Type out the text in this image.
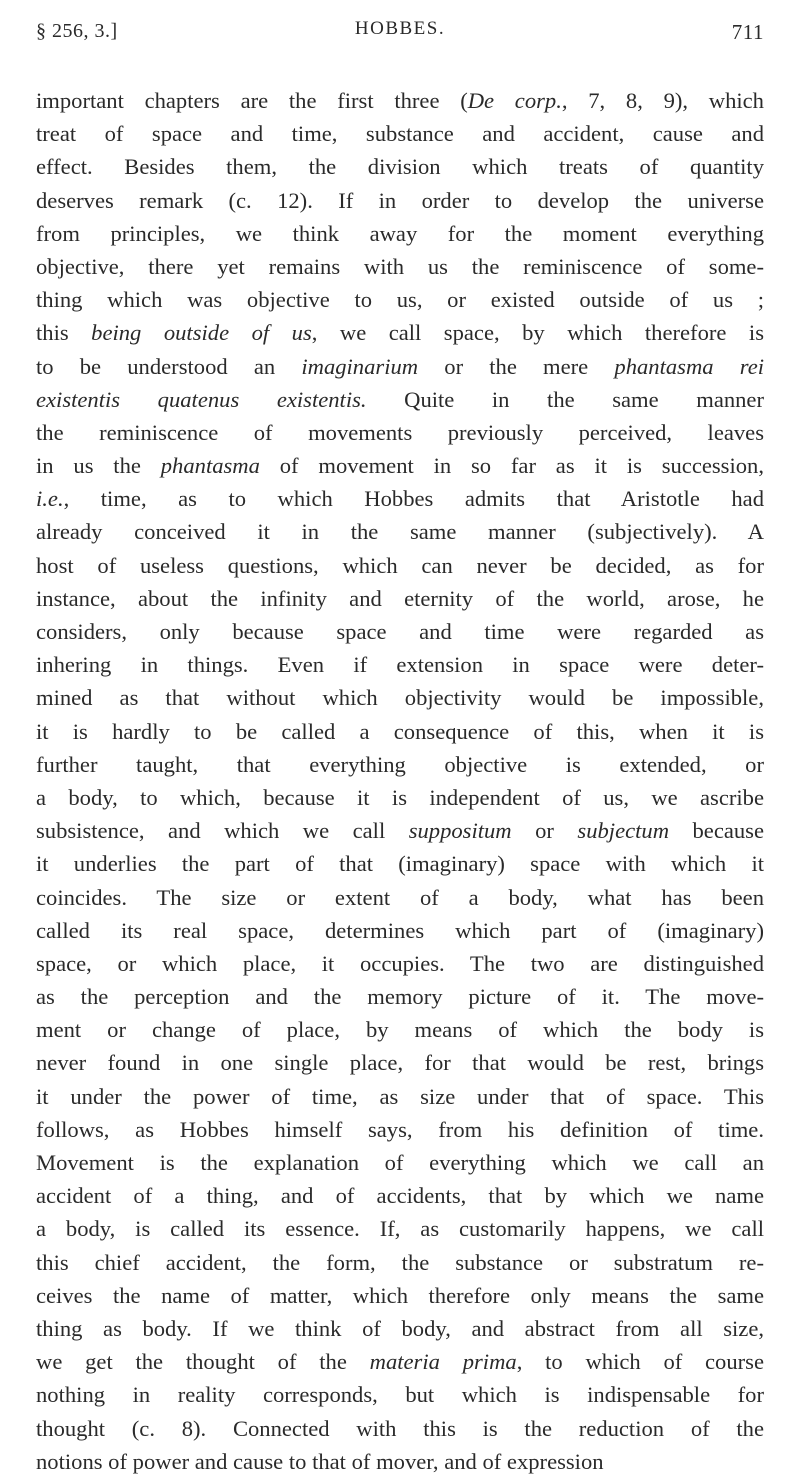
§ 256, 3.]	HOBBES.	711
important chapters are the first three (De corp., 7, 8, 9), which
treat of space and time, substance and accident, cause and
effect. Besides them, the division which treats of quantity
deserves remark (c. 12). If in order to develop the universe
from principles, we think away for the moment everything
objective, there yet remains with us the reminiscence of some-
thing which was objective to us, or existed outside of us ;
this being outside of us, we call space, by which therefore is
to be understood an imaginarium or the mere phantasma rei
existentis quatenus existentis. Quite in the same manner
the reminiscence of movements previously perceived, leaves
in us the phantasma of movement in so far as it is succession,
i.e., time, as to which Hobbes admits that Aristotle had
already conceived it in the same manner (subjectively). A
host of useless questions, which can never be decided, as for
instance, about the infinity and eternity of the world, arose, he
considers, only because space and time were regarded as
inhering in things. Even if extension in space were deter-
mined as that without which objectivity would be impossible,
it is hardly to be called a consequence of this, when it is
further taught, that everything objective is extended, or
a body, to which, because it is independent of us, we ascribe
subsistence, and which we call suppositum or subjectum because
it underlies the part of that (imaginary) space with which it
coincides. The size or extent of a body, what has been
called its real space, determines which part of (imaginary)
space, or which place, it occupies. The two are distinguished
as the perception and the memory picture of it. The move-
ment or change of place, by means of which the body is
never found in one single place, for that would be rest, brings
it under the power of time, as size under that of space. This
follows, as Hobbes himself says, from his definition of time.
Movement is the explanation of everything which we call an
accident of a thing, and of accidents, that by which we name
a body, is called its essence. If, as customarily happens, we call
this chief accident, the form, the substance or substratum re-
ceives the name of matter, which therefore only means the same
thing as body. If we think of body, and abstract from all size,
we get the thought of the materia prima, to which of course
nothing in reality corresponds, but which is indispensable for
thought (c. 8). Connected with this is the reduction of the
notions of power and cause to that of mover, and of expression
